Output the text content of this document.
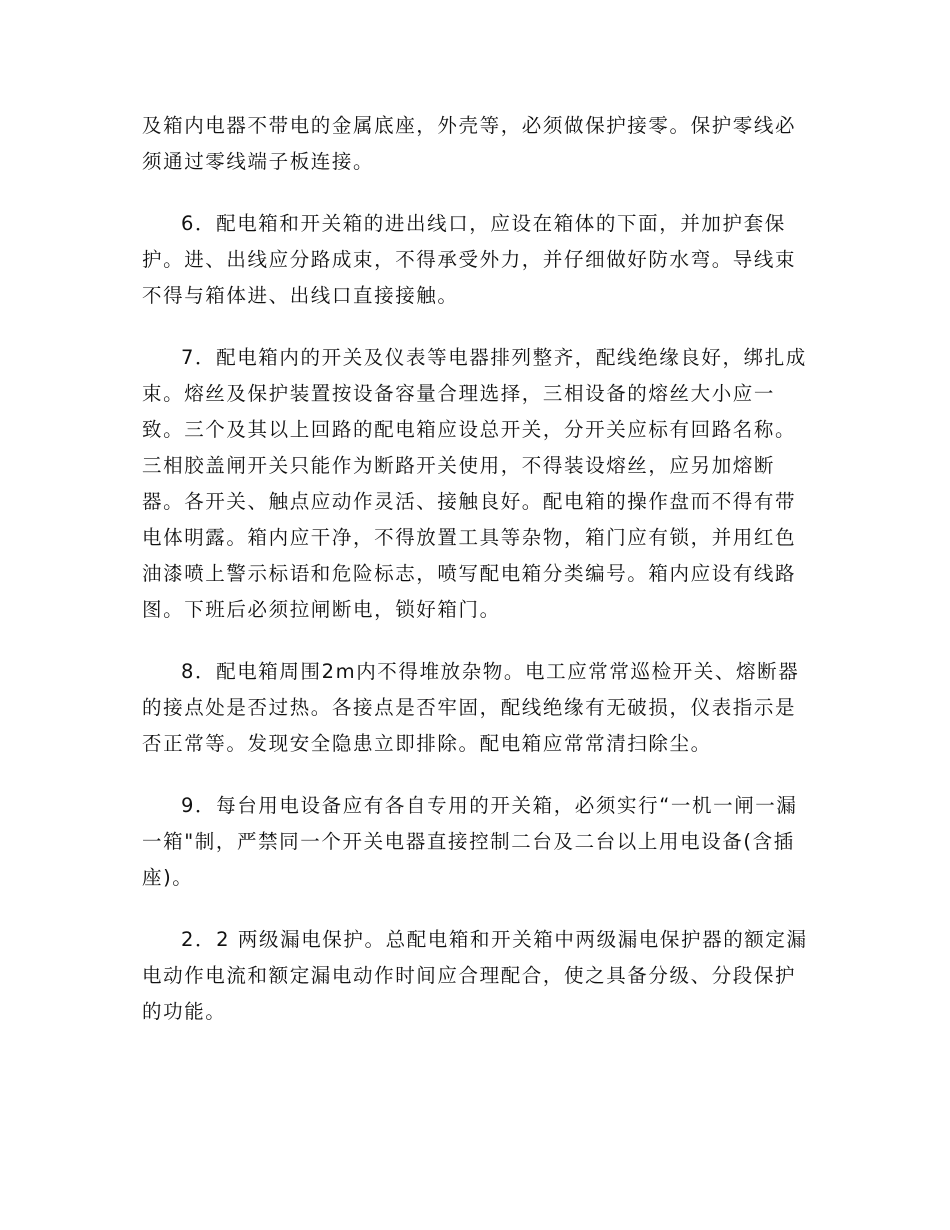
及箱内电器不带电的金属底座，外壳等，必须做保护接零。保护零线必须通过零线端子板连接。

6．配电箱和开关箱的进出线口，应设在箱体的下面，并加护套保护。进、出线应分路成束，不得承受外力，并仔细做好防水弯。导线束不得与箱体进、出线口直接接触。

7．配电箱内的开关及仪表等电器排列整齐，配线绝缘良好，绑扎成束。熔丝及保护装置按设备容量合理选择，三相设备的熔丝大小应一致。三个及其以上回路的配电箱应设总开关，分开关应标有回路名称。三相胶盖闸开关只能作为断路开关使用，不得装设熔丝，应另加熔断器。各开关、触点应动作灵活、接触良好。配电箱的操作盘而不得有带电体明露。箱内应干净，不得放置工具等杂物，箱门应有锁，并用红色油漆喷上警示标语和危险标志，喷写配电箱分类编号。箱内应设有线路图。下班后必须拉闸断电，锁好箱门。

8．配电箱周围2m内不得堆放杂物。电工应常常巡检开关、熔断器的接点处是否过热。各接点是否牢固，配线绝缘有无破损，仪表指示是否正常等。发现安全隐患立即排除。配电箱应常常清扫除尘。

9．每台用电设备应有各自专用的开关箱，必须实行“一机一闸一漏一箱"制，严禁同一个开关电器直接控制二台及二台以上用电设备(含插座)。

2．2 两级漏电保护。总配电箱和开关箱中两级漏电保护器的额定漏电动作电流和额定漏电动作时间应合理配合，使之具备分级、分段保护的功能。
